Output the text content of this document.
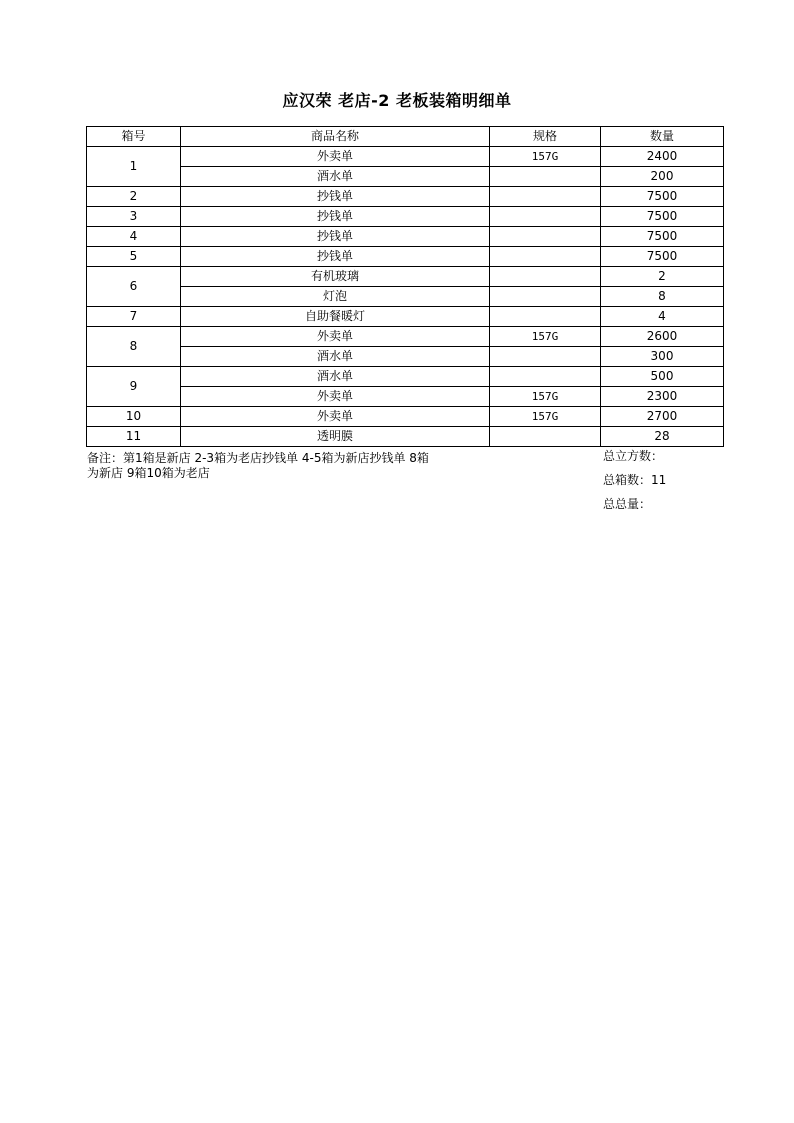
应汉荣 老店-2 老板装箱明细单
箱号	商品名称	规格	数量
1	外卖单	157G	2400
	酒水单		200
2	抄钱单		7500
3	抄钱单		7500
4	抄钱单		7500
5	抄钱单		7500
6	有机玻璃		2
	灯泡		8
7	自助餐暖灯		4
8	外卖单	157G	2600
	酒水单		300
9	酒水单		500
	外卖单	157G	2300
10	外卖单	157G	2700
11	透明膜		28
备注：第1箱是新店 2-3箱为老店抄钱单 4-5箱为新店抄钱单 8箱为新店 9箱10箱为老店
总立方数：
总箱数：11
总总量：
